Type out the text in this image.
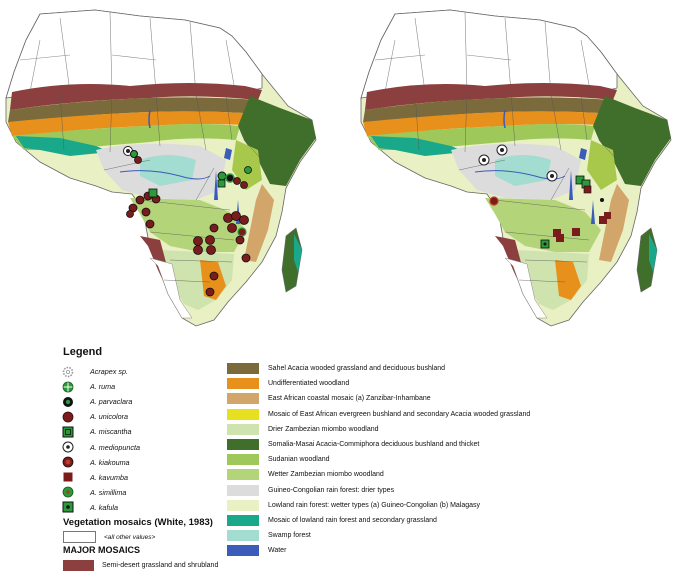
Legend
Acrapex sp.
A. ruma
A. parvaclara
A. unicolora
A. miscantha
A. mediopuncta
A. kiakouma
A. kavumba
A. simillima
A. kafula
Vegetation mosaics (White, 1983)
<all other values>
MAJOR MOSAICS
Semi-desert grassland and shrubland
Sahel Acacia wooded grassland and deciduous bushland
Undifferentiated woodland
East African coastal mosaic (a) Zanzibar-Inhambane
Mosaic of East African evergreen bushland and secondary Acacia wooded grassland
Drier Zambezian miombo woodland
Somalia-Masai Acacia-Commiphora deciduous bushland and thicket
Sudanian woodland
Wetter Zambezian miombo woodland
Guineo-Congolian rain forest: drier types
Lowland rain forest: wetter types (a) Guineo-Congolian (b) Malagasy
Mosaic of lowland rain forest and secondary grassland
Swamp forest
Water
